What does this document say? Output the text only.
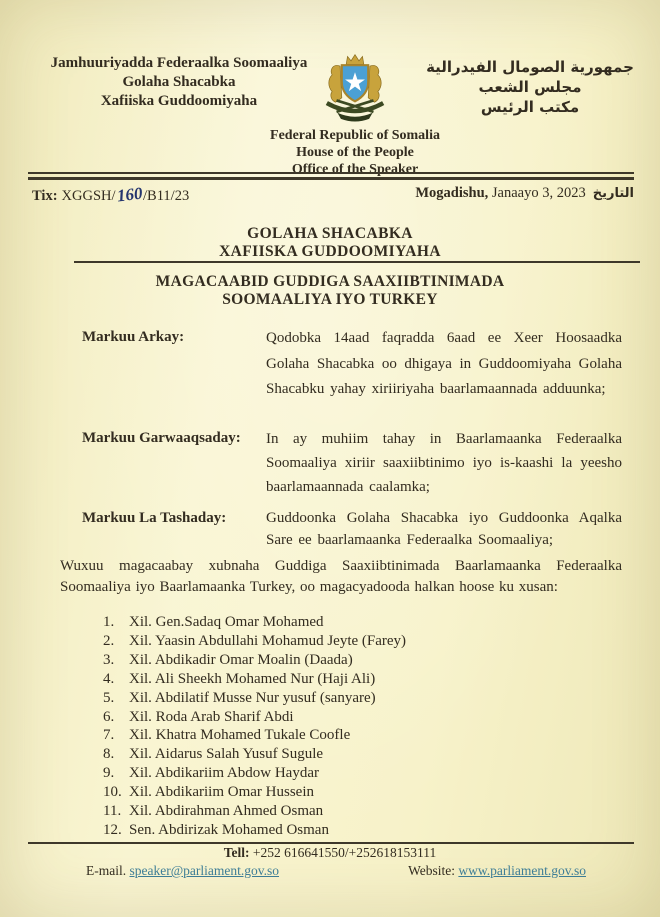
Jamhuuriyadda Federaalka Soomaaliya
Golaha Shacabka
Xafiiska Guddoomiyaha
Federal Republic of Somalia
House of the People
Office of the Speaker
جمهورية الصومال الفيدرالية
مجلس الشعب
مكتب الرئيس
Tix: XGGSH/160/B11/23	Mogadishu, Janaayo 3, 2023 التاريخ
GOLAHA SHACABKA
XAFIISKA GUDDOOMIYAHA
MAGACAABID GUDDIGA SAAXIIBTINIMADA
SOOMAALIYA IYO TURKEY
Markuu Arkay:	Qodobka 14aad faqradda 6aad ee Xeer Hoosaadka Golaha Shacabka oo dhigaya in Guddoomiyaha Golaha Shacabku yahay xiriiriyaha baarlamaannada adduunka;
Markuu Garwaaqsaday:	In ay muhiim tahay in Baarlamaanka Federaalka Soomaaliya xiriir saaxiibtinimo iyo is-kaashi la yeesho baarlamaannada caalamka;
Markuu La Tashaday:	Guddoonka Golaha Shacabka iyo Guddoonka Aqalka Sare ee baarlamaanka Federaalka Soomaaliya;
Wuxuu magacaabay xubnaha Guddiga Saaxiibtinimada Baarlamaanka Federaalka Soomaaliya iyo Baarlamaanka Turkey, oo magacyadooda halkan hoose ku xusan:
1. Xil. Gen.Sadaq Omar Mohamed
2. Xil. Yaasin Abdullahi Mohamud Jeyte (Farey)
3. Xil. Abdikadir Omar Moalin (Daada)
4. Xil. Ali Sheekh Mohamed Nur (Haji Ali)
5. Xil. Abdilatif Musse Nur yusuf (sanyare)
6. Xil. Roda Arab Sharif Abdi
7. Xil. Khatra Mohamed Tukale Coofle
8. Xil. Aidarus Salah Yusuf Sugule
9. Xil. Abdikariim Abdow Haydar
10. Xil. Abdikariim Omar Hussein
11. Xil. Abdirahman Ahmed Osman
12. Sen. Abdirizak Mohamed Osman
Tell: +252 616641550/+252618153111
E-mail. speaker@parliament.gov.so	Website: www.parliament.gov.so
